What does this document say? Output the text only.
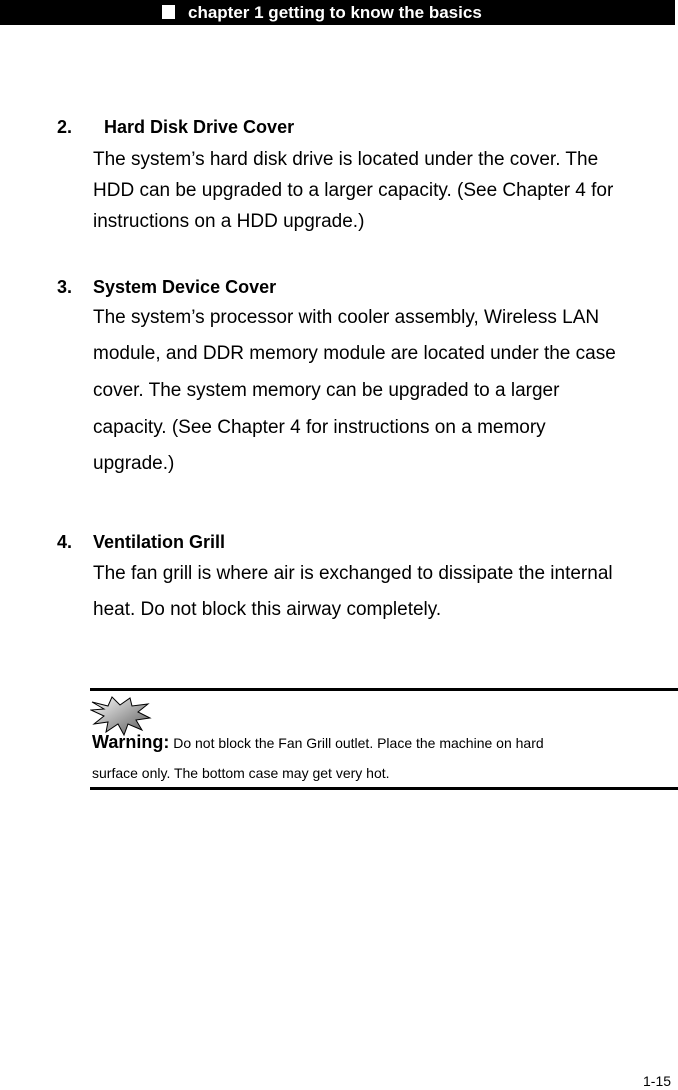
chapter 1 getting to know the basics
2. Hard Disk Drive Cover
The system’s hard disk drive is located under the cover. The
HDD can be upgraded to a larger capacity. (See Chapter 4 for
instructions on a HDD upgrade.)
3. System Device Cover
The system’s processor with cooler assembly, Wireless LAN
module, and DDR memory module are located under the case
cover. The system memory can be upgraded to a larger
capacity. (See Chapter 4 for instructions on a memory
upgrade.)
4. Ventilation Grill
The fan grill is where air is exchanged to dissipate the internal
heat. Do not block this airway completely.
Warning: Do not block the Fan Grill outlet. Place the machine on hard
surface only. The bottom case may get very hot.
1-15
